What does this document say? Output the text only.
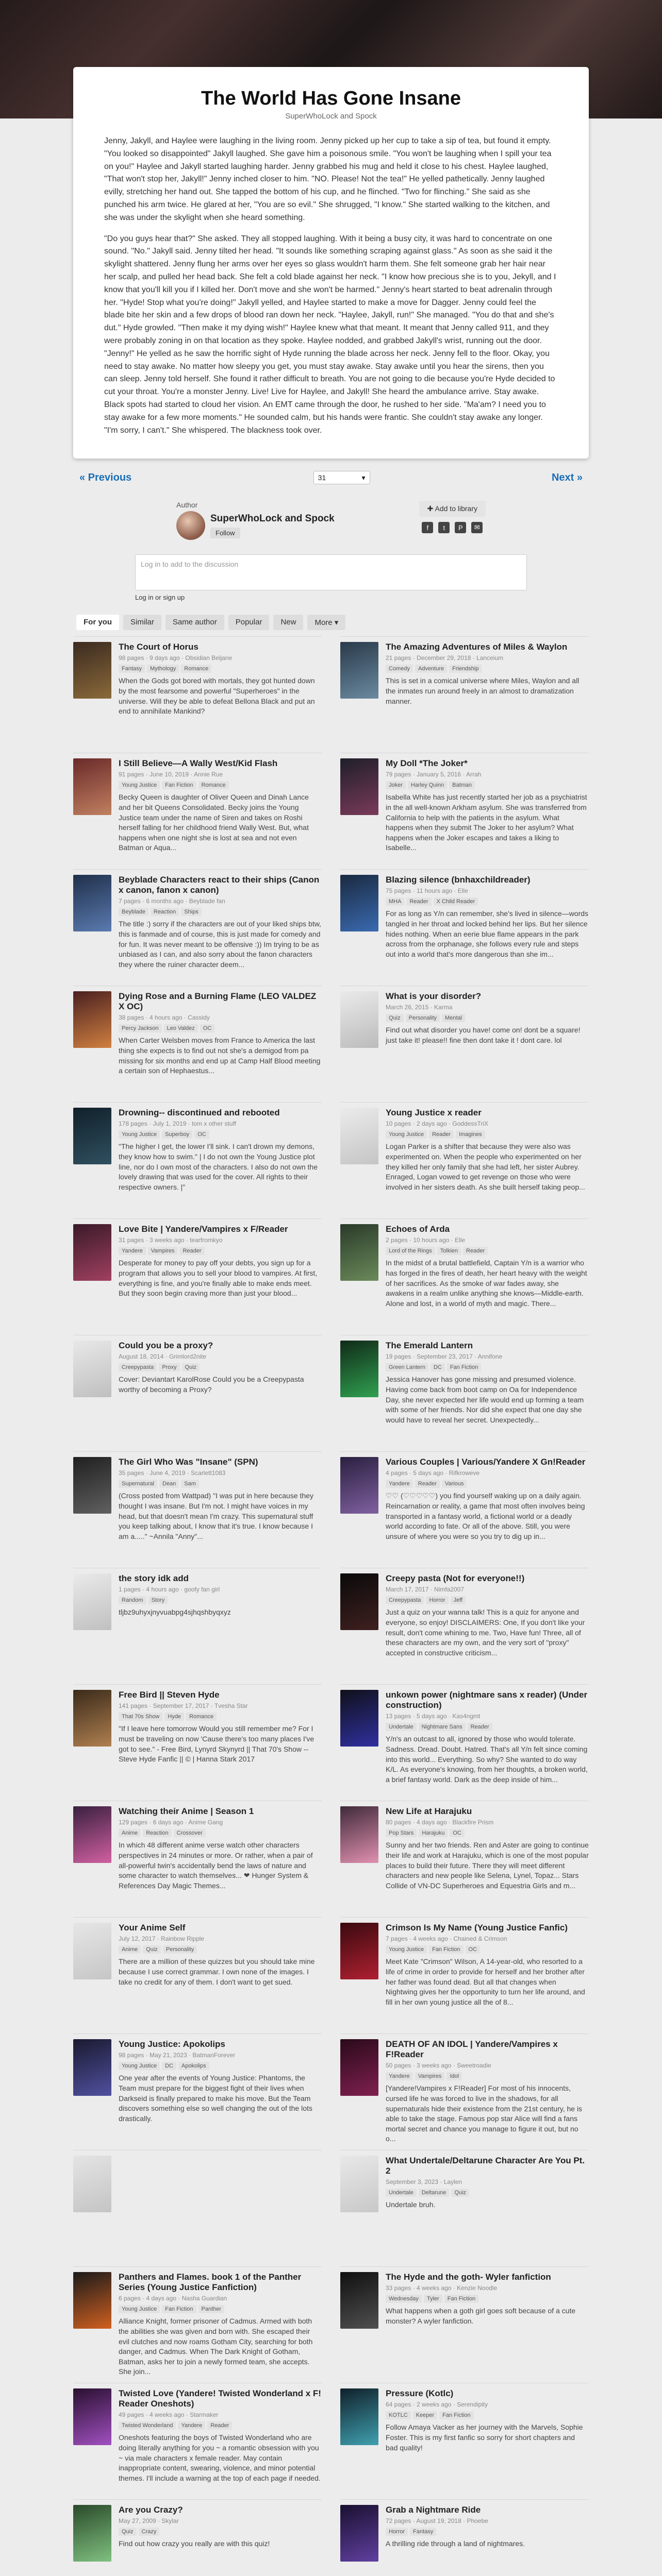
The World Has Gone Insane
SuperWhoLock and Spock

Jenny, Jakyll, and Haylee were laughing in the living room. Jenny picked up her cup to take a sip of tea, but found it empty. "You looked so disappointed" Jakyll laughed. She gave him a poisonous smile. "You won't be laughing when I spill your tea on you!" Haylee and Jakyll started laughing harder. Jenny grabbed his mug and held it close to his chest. Haylee laughed, "That won't stop her, Jakyll!" Jenny inched closer to him. "NO. Please! Not the tea!" He yelled pathetically. Jenny laughed evilly, stretching her hand out. She tapped the bottom of his cup, and he flinched. "Two for flinching." She said as she punched his arm twice. He glared at her, "You are so evil." She shrugged, "I know." She started walking to the kitchen, and she was under the skylight when she heard something.

"Do you guys hear that?" She asked. They all stopped laughing. With it being a busy city, it was hard to concentrate on one sound. "No." Jakyll said. Jenny tilted her head. "It sounds like something scraping against glass." As soon as she said it the skylight shattered. Jenny flung her arms over her eyes so glass wouldn't harm them. She felt someone grab her hair near her scalp, and pulled her head back. She felt a cold blade against her neck. "I know how precious she is to you, Jekyll, and I know that you'll kill you if I killed her. Don't move and she won't be harmed." Jenny's heart started to beat adrenalin through her. "Hyde! Stop what you're doing!" Jakyll yelled, and Haylee started to make a move for Dagger. Jenny could feel the blade bite her skin and a few drops of blood ran down her neck. "Haylee, Jakyll, run!" She managed. "You do that and she's dut." Hyde growled. "Then make it my dying wish!" Haylee knew what that meant. It meant that Jenny called 911, and they were probably zoning in on that location as they spoke. Haylee nodded, and grabbed Jakyll's wrist, running out the door. "Jenny!" He yelled as he saw the horrific sight of Hyde running the blade across her neck. Jenny fell to the floor. Okay, you need to stay awake. No matter how sleepy you get, you must stay awake. Stay awake until you hear the sirens, then you can sleep. Jenny told herself. She found it rather difficult to breath. You are not going to die because you're Hyde decided to cut your throat. You're a monster Jenny. Live! Live for Haylee, and Jakyll! She heard the ambulance arrive. Stay awake. Black spots had started to cloud her vision. An EMT came through the door, he rushed to her side. "Ma'am? I need you to stay awake for a few more moments." He sounded calm, but his hands were frantic. She couldn't stay awake any longer. "I'm sorry, I can't." She whispered. The blackness took over.

« Previous	31	▾	Next »
Author
SuperWhoLock and Spock
Follow
✚ Add to library
f	t	P	✉
Log in to add to the discussion
Log in or sign up
For you	Similar	Same author	Popular	New	More ▾
The Court of Horus
98 pages · 9 days ago · Obsidian Beljane
Fantasy	Mythology	Romance
When the Gods got bored with mortals, they got hunted down by the most fearsome and powerful "Superheroes" in the universe. Will they be able to defeat Bellona Black and put an end to annihilate Mankind?
The Amazing Adventures of Miles & Waylon
21 pages · December 29, 2018 · Lanceium
Comedy	Adventure	Friendship
This is set in a comical universe where Miles, Waylon and all the inmates run around freely in an almost to dramatization manner.
I Still Believe—A Wally West/Kid Flash
91 pages · June 10, 2019 · Annie Rue
Young Justice	Fan Fiction	Romance
Becky Queen is daughter of Oliver Queen and Dinah Lance and her bit Queens Consolidated. Becky joins the Young Justice team under the name of Siren and takes on Roshi herself falling for her childhood friend Wally West. But, what happens when one night she is lost at sea and not even Batman or Aqua...
My Doll *The Joker*
79 pages · January 5, 2016 · Arrah
Joker	Harley Quinn	Batman
Isabella White has just recently started her job as a psychiatrist in the all well-known Arkham asylum. She was transferred from California to help with the patients in the asylum. What happens when they submit The Joker to her asylum? What happens when the Joker escapes and takes a liking to Isabelle...
Beyblade Characters react to their ships (Canon x canon, fanon x canon)
7 pages · 6 months ago · Beyblade fan
Beyblade	Reaction	Ships
The title :) sorry if the characters are out of your liked ships btw, this is fanmade and of course, this is just made for comedy and for fun. It was never meant to be offensive :)) Im trying to be as unbiased as I can, and also sorry about the fanon characters they where the ruiner character deem...
Blazing silence (bnhaxchildreader)
75 pages · 11 hours ago · Elle
MHA	Reader	X Child Reader
For as long as Y/n can remember, she's lived in silence—words tangled in her throat and locked behind her lips. But her silence hides nothing. When an eerie blue flame appears in the park across from the orphanage, she follows every rule and steps out into a world that's more dangerous than she im...
Dying Rose and a Burning Flame (LEO VALDEZ X OC)
38 pages · 4 hours ago · Cassidy
Percy Jackson	Leo Valdez	OC
When Carter Welsben moves from France to America the last thing she expects is to find out not she's a demigod from pa missing for six months and end up at Camp Half Blood meeting a certain son of Hephaestus...
What is your disorder?
March 26, 2015 · Karma
Quiz	Personality	Mental
Find out what disorder you have! come on! dont be a square! just take it! please!! fine then dont take it ! dont care. lol
Drowning-- discontinued and rebooted
178 pages · July 1, 2019 · tom x other stuff
Young Justice	Superboy	OC
"The higher I get, the lower I'll sink. I can't drown my demons, they know how to swim." | I do not own the Young Justice plot line, nor do I own most of the characters. I also do not own the lovely drawing that was used for the cover. All rights to their respective owners. |"
Young Justice x reader
10 pages · 2 days ago · GoddessTriX
Young Justice	Reader	Imagines
Logan Parker is a shifter that because they were also was experimented on. When the people who experimented on her they killed her only family that she had left, her sister Aubrey. Enraged, Logan vowed to get revenge on those who were involved in her sisters death. As she built herself taking peop...
Love Bite | Yandere/Vampires x F/Reader
31 pages · 3 weeks ago · tearfromkyo
Yandere	Vampires	Reader
Desperate for money to pay off your debts, you sign up for a program that allows you to sell your blood to vampires. At first, everything is fine, and you're finally able to make ends meet. But they soon begin craving more than just your blood...
Echoes of Arda
2 pages · 10 hours ago · Elle
Lord of the Rings	Tolkien	Reader
In the midst of a brutal battlefield, Captain Y/n is a warrior who has forged in the fires of death, her heart heavy with the weight of her sacrifices. As the smoke of war fades away, she awakens in a realm unlike anything she knows—Middle-earth. Alone and lost, in a world of myth and magic. There...
Could you be a proxy?
August 18, 2014 · Grimlord2nite
Creepypasta	Proxy	Quiz
Cover: Deviantart KarolRose Could you be a Creepypasta worthy of becoming a Proxy?
The Emerald Lantern
19 pages · September 23, 2017 · Annifone
Green Lantern	DC	Fan Fiction
Jessica Hanover has gone missing and presumed violence. Having come back from boot camp on Oa for Independence Day, she never expected her life would end up forming a team with some of her friends. Nor did she expect that one day she would have to reveal her secret. Unexpectedly...
The Girl Who Was "Insane" (SPN)
35 pages · June 4, 2019 · Scarlett1083
Supernatural	Dean	Sam
(Cross posted from Wattpad) "I was put in here because they thought I was insane. But I'm not. I might have voices in my head, but that doesn't mean I'm crazy. This supernatural stuff you keep talking about, I know that it's true. I know because I am a....." ~Annila "Anny"...
Various Couples | Various/Yandere X Gn!Reader
4 pages · 5 days ago · Rifkroweve
Yandere	Reader	Various
♡♡ (♡♡♡♡♡) you find yourself waking up on a daily again. Reincarnation or reality, a game that most often involves being transported in a fantasy world, a fictional world or a deadly world according to fate. Or all of the above. Still, you were unsure of where you were so you try to dig up in...
the story idk add
1 pages · 4 hours ago · goofy fan girl
Random	Story
tljbz9uhyxjnyvuabpg4sjhqshbyqxyz
Creepy pasta (Not for everyone!!)
March 17, 2017 · Nimfa2007
Creepypasta	Horror	Jeff
Just a quiz on your wanna talk! This is a quiz for anyone and everyone, so enjoy! DISCLAIMERS: One, If you don't like your result, don't come whining to me. Two, Have fun! Three, all of these characters are my own, and the very sort of "proxy" accepted in constructive criticism...
Free Bird || Steven Hyde
141 pages · September 17, 2017 · Tvesha Star
That 70s Show	Hyde	Romance
"If I leave here tomorrow Would you still remember me? For I must be traveling on now 'Cause there's too many places I've got to see." - Free Bird, Lynyrd Skynyrd || That 70's Show -- Steve Hyde Fanfic || © | Hanna Stark 2017
unkown power (nightmare sans x reader) (Under construction)
13 pages · 5 days ago · Kas4ngmt
Undertale	Nightmare Sans	Reader
Y/n's an outcast to all, ignored by those who would tolerate. Sadness. Dread. Doubt. Hatred. That's all Y/n felt since coming into this world... Everything. So why? She wanted to do way K/L. As everyone's knowing, from her thoughts, a broken world, a brief fantasy world. Dark as the deep inside of him...
Watching their Anime | Season 1
129 pages · 6 days ago · Anime Gang
Anime	Reaction	Crossover
In which 48 different anime verse watch other characters perspectives in 24 minutes or more. Or rather, when a pair of all-powerful twin's accidentally bend the laws of nature and some character to watch themselves... ❤ Hunger System & References Day Magic Themes...
New Life at Harajuku
80 pages · 4 days ago · Blackfire Prism
Pop Stars	Harajuku	OC
Sunny and her two friends. Ren and Aster are going to continue their life and work at Harajuku, which is one of the most popular places to build their future. There they will meet different characters and new people like Selena, Lynel, Topaz... Stars Collide of VN-DC Superheroes and Equestria Girls and m...
Your Anime Self
July 12, 2017 · Rainbow Ripple
Anime	Quiz	Personality
There are a million of these quizzes but you should take mine because I use correct grammar. I own none of the images. I take no credit for any of them. I don't want to get sued.
Crimson Is My Name (Young Justice Fanfic)
7 pages · 4 weeks ago · Chained & Crimson
Young Justice	Fan Fiction	OC
Meet Kate "Crimson" Wilson, A 14-year-old, who resorted to a life of crime in order to provide for herself and her brother after her father was found dead. But all that changes when Nightwing gives her the opportunity to turn her life around, and fill in her own young justice all the of 8...
Young Justice: Apokolips
98 pages · May 21, 2023 · BatmanForever
Young Justice	DC	Apokolips
One year after the events of Young Justice: Phantoms, the Team must prepare for the biggest fight of their lives when Darkseid is finally prepared to make his move. But the Team discovers something else so well changing the out of the lots drastically.
DEATH OF AN IDOL | Yandere/Vampires x F!Reader
50 pages · 3 weeks ago · Sweetroadie
Yandere	Vampires	Idol
[Yandere!Vampires x F!Reader] For most of his innocents, cursed life he was forced to live in the shadows, for all supernaturals hide their existence from the 21st century, he is able to take the stage. Famous pop star Alice will find a fans mortal secret and chance you manage to figure it out, but no o...
What Undertale/Deltarune Character Are You Pt. 2
September 3, 2023 · Laylen
Undertale	Deltarune	Quiz
Undertale bruh.
Panthers and Flames. book 1 of the Panther Series (Young Justice Fanfiction)
6 pages · 4 days ago · Nasha Guardian
Young Justice	Fan Fiction	Panther
Alliance Knight, former prisoner of Cadmus. Armed with both the abilities she was given and born with. She escaped their evil clutches and now roams Gotham City, searching for both danger, and Cadmus. When The Dark Knight of Gotham, Batman, asks her to join a newly formed team, she accepts. She join...
The Hyde and the goth- Wyler fanfiction
33 pages · 4 weeks ago · Kenzie Noodle
Wednesday	Tyler	Fan Fiction
What happens when a goth girl goes soft because of a cute monster? A wyler fanfiction.
Twisted Love (Yandere! Twisted Wonderland x F! Reader Oneshots)
49 pages · 4 weeks ago · Starmaker
Twisted Wonderland	Yandere	Reader
Oneshots featuring the boys of Twisted Wonderland who are doing literally anything for you ~ a romantic obsession with you ~ via male characters x female reader. May contain inappropriate content, swearing, violence, and minor potential themes. I'll include a warning at the top of each page if needed.
Pressure (Kotlc)
64 pages · 2 weeks ago · Serendipity
KOTLC	Keeper	Fan Fiction
Follow Amaya Vacker as her journey with the Marvels, Sophie Foster. This is my first fanfic so sorry for short chapters and bad quality!
Are you Crazy?
May 27, 2009 · Skylar
Quiz	Crazy
Find out how crazy you really are with this quiz!
Grab a Nightmare Ride
72 pages · August 19, 2018 · Phoebe
Horror	Fantasy
A thrilling ride through a land of nightmares.
